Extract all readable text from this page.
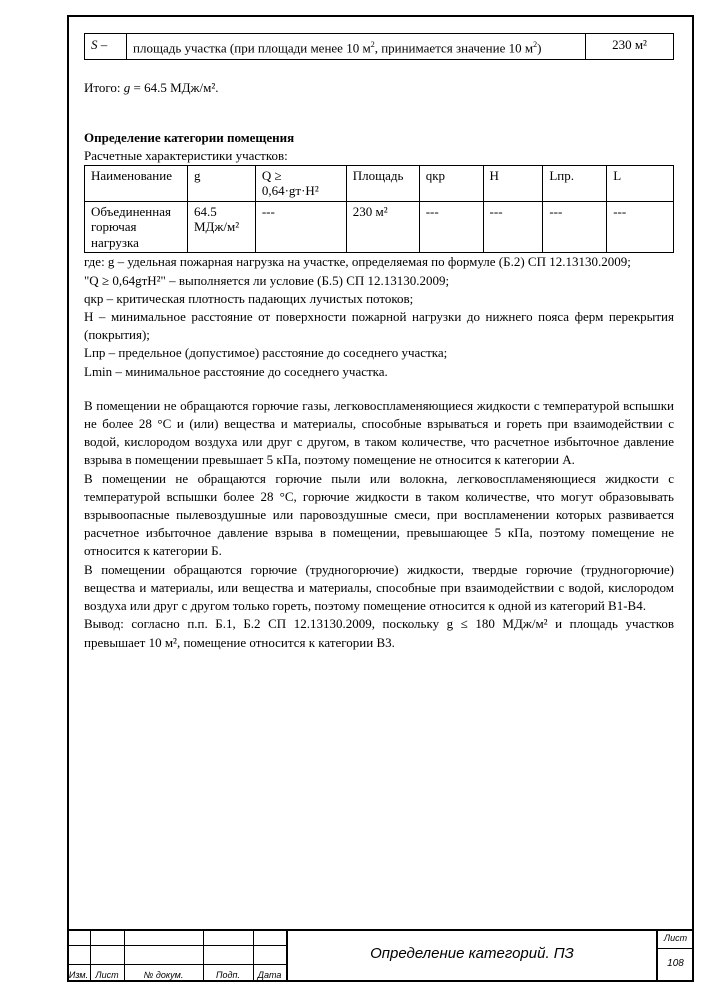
S –	площадь участка (при площади менее 10 $м^2$, принимается значение 10 $м^2$)	230 м²

Итого: g = 64.5 МДж/м².

Определение категории помещения

Расчетные характеристики участков:

Наименование	g	Q ≥ 0,64·gт·H²	Площадь	qкр	H	Lпр.	L
Объединенная горючая нагрузка	64.5 МДж/м²	---	230 м²	---	---	---	---

где: g – удельная пожарная нагрузка на участке, определяемая по формуле (Б.2) СП 12.13130.2009;

"Q ≥ 0,64gтH²" – выполняется ли условие (Б.5) СП 12.13130.2009;

qкр – критическая плотность падающих лучистых потоков;

H – минимальное расстояние от поверхности пожарной нагрузки до нижнего пояса ферм перекрытия (покрытия);

Lпр – предельное (допустимое) расстояние до соседнего участка;

Lmin – минимальное расстояние до соседнего участка.

В помещении не обращаются горючие газы, легковоспламеняющиеся жидкости с температурой вспышки не более 28 °С и (или) вещества и материалы, способные взрываться и гореть при взаимодействии с водой, кислородом воздуха или друг с другом, в таком количестве, что расчетное избыточное давление взрыва в помещении превышает 5 кПа, поэтому помещение не относится к категории А.

В помещении не обращаются горючие пыли или волокна, легковоспламеняющиеся жидкости с температурой вспышки более 28 °С, горючие жидкости в таком количестве, что могут образовывать взрывоопасные пылевоздушные или паровоздушные смеси, при воспламенении которых развивается расчетное избыточное давление взрыва в помещении, превышающее 5 кПа, поэтому помещение не относится к категории Б.

В помещении обращаются горючие (трудногорючие) жидкости, твердые горючие (трудногорючие) вещества и материалы, или вещества и материалы, способные при взаимодействии с водой, кислородом воздуха или друг с другом только гореть, поэтому помещение относится к одной из категорий В1-В4.

Вывод: согласно п.п. Б.1, Б.2 СП 12.13130.2009, поскольку g ≤ 180 МДж/м² и площадь участков превышает 10 м², помещение относится к категории В3.

Изм. Лист	№ докум.	Подп.	Дата
Определение категорий. ПЗ
Лист
108
